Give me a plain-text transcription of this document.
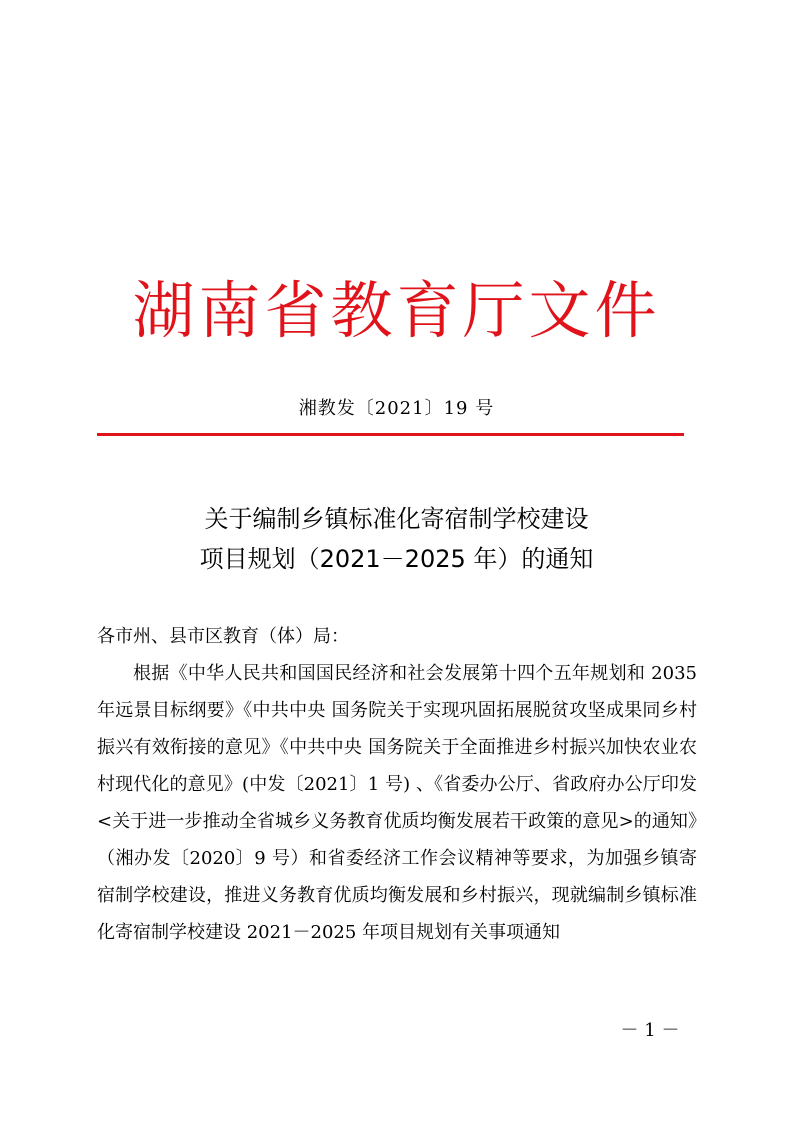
湖南省教育厅文件
湘教发〔2021〕19 号
关于编制乡镇标准化寄宿制学校建设
项目规划（2021－2025 年）的通知

各市州、县市区教育（体）局：

根据《中华人民共和国国民经济和社会发展第十四个五年规划和 2035 年远景目标纲要》《中共中央 国务院关于实现巩固拓展脱贫攻坚成果同乡村振兴有效衔接的意见》《中共中央 国务院关于全面推进乡村振兴加快农业农村现代化的意见》(中发〔2021〕1 号) 、《省委办公厅、省政府办公厅印发<关于进一步推动全省城乡义务教育优质均衡发展若干政策的意见>的通知》（湘办发〔2020〕9 号）和省委经济工作会议精神等要求，为加强乡镇寄宿制学校建设，推进义务教育优质均衡发展和乡村振兴，现就编制乡镇标准化寄宿制学校建设 2021－2025 年项目规划有关事项通知

－ 1 －
